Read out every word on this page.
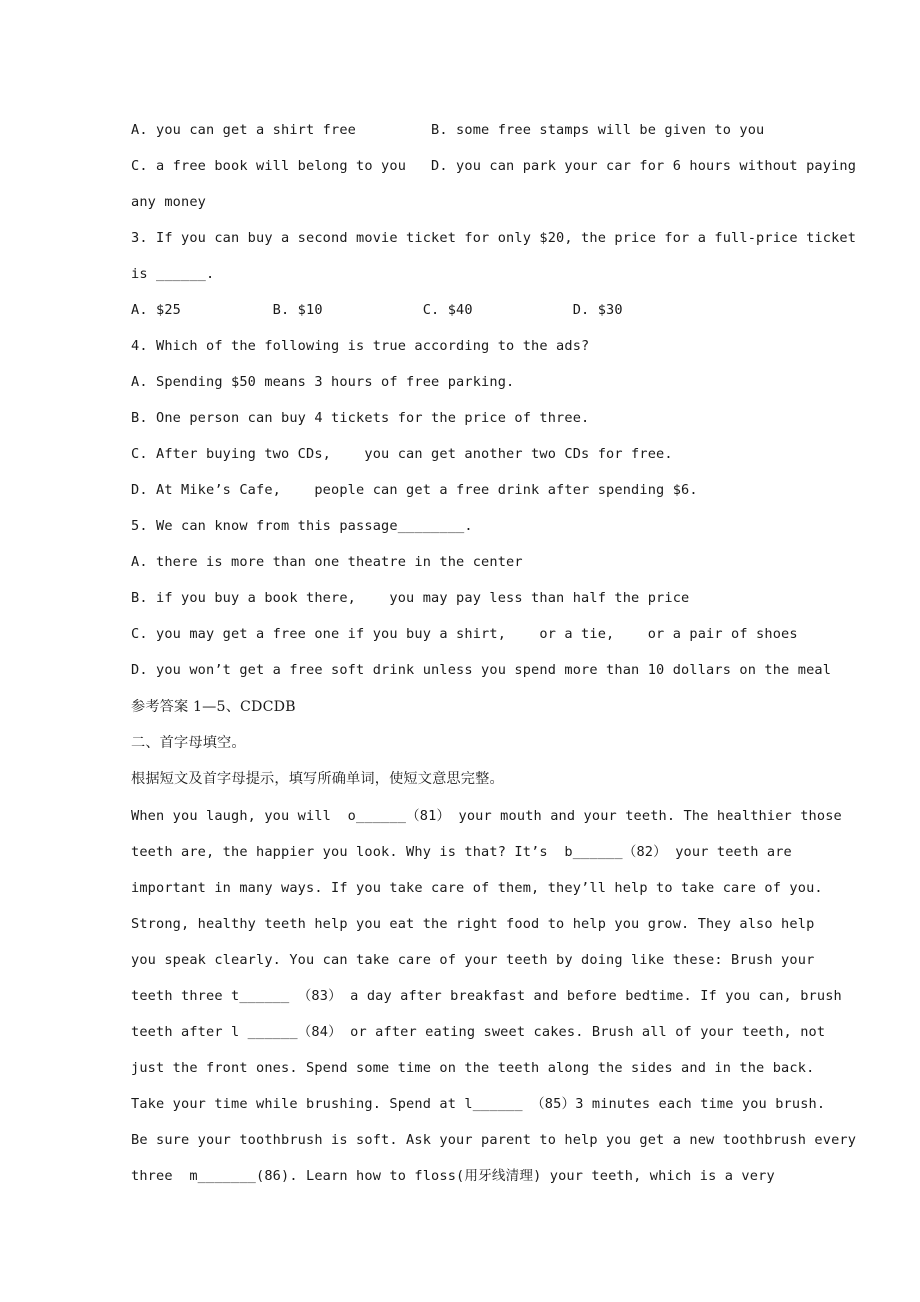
A. you can get a shirt free         B. some free stamps will be given to you
C. a free book will belong to you   D. you can park your car for 6 hours without paying
any money
3. If you can buy a second movie ticket for only $20, the price for a full-price ticket
is ______.
A. $25           B. $10            C. $40            D. $30
4. Which of the following is true according to the ads?
A. Spending $50 means 3 hours of free parking.
B. One person can buy 4 tickets for the price of three.
C. After buying two CDs,    you can get another two CDs for free.
D. At Mike’s Cafe,    people can get a free drink after spending $6.
5. We can know from this passage________.
A. there is more than one theatre in the center
B. if you buy a book there,    you may pay less than half the price
C. you may get a free one if you buy a shirt,    or a tie,    or a pair of shoes
D. you won’t get a free soft drink unless you spend more than 10 dollars on the meal
参考答案 1—5、CDCDB
二、首字母填空。
根据短文及首字母提示，填写所确单词，使短文意思完整。
When you laugh, you will  o______（81） your mouth and your teeth. The healthier those
teeth are, the happier you look. Why is that? It’s  b______（82） your teeth are
important in many ways. If you take care of them, they’ll help to take care of you.
Strong, healthy teeth help you eat the right food to help you grow. They also help
you speak clearly. You can take care of your teeth by doing like these: Brush your
teeth three t______ （83） a day after breakfast and before bedtime. If you can, brush
teeth after l ______（84） or after eating sweet cakes. Brush all of your teeth, not
just the front ones. Spend some time on the teeth along the sides and in the back.
Take your time while brushing. Spend at l______ （85）3 minutes each time you brush.
Be sure your toothbrush is soft. Ask your parent to help you get a new toothbrush every
three  m_______(86). Learn how to floss(用牙线清理) your teeth, which is a very
